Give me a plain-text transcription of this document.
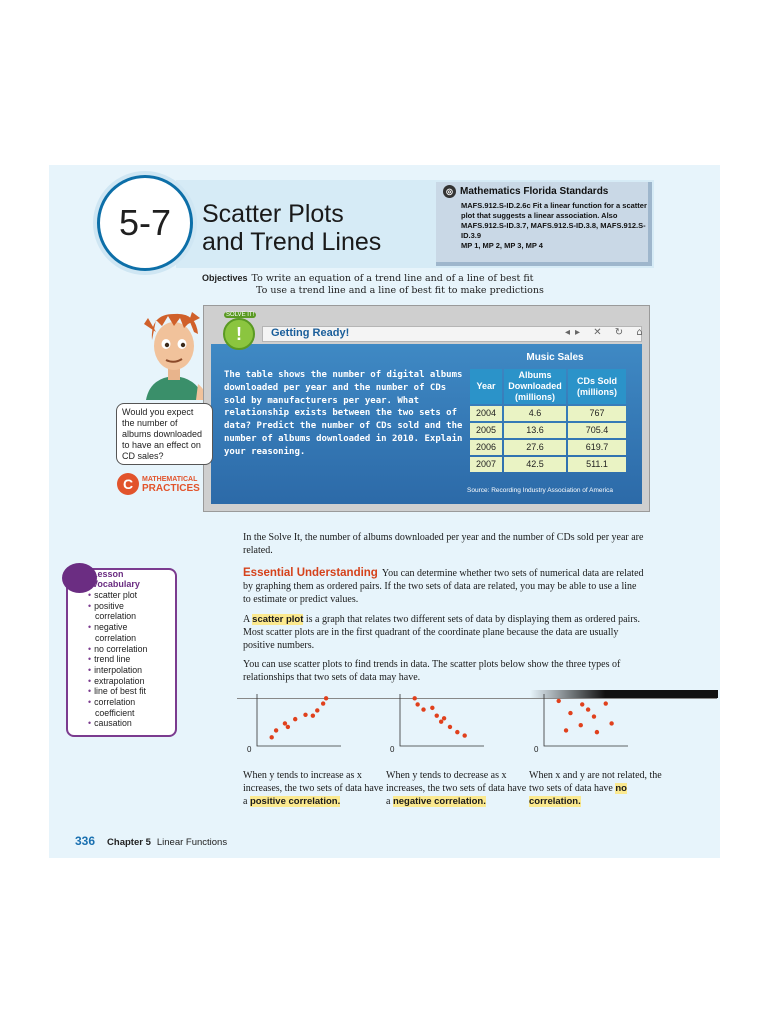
5-7 Scatter Plots
and Trend Lines
◎ Mathematics Florida Standards
MAFS.912.S-ID.2.6c Fit a linear function for a scatter plot that suggests a linear association. Also MAFS.912.S-ID.3.7, MAFS.912.S-ID.3.8, MAFS.912.S-ID.3.9
MP 1, MP 2, MP 3, MP 4
Objectives To write an equation of a trend line and of a line of best fit
To use a trend line and a line of best fit to make predictions
Getting Ready!	◂▸ ✕ ↻ ⌂
!
SOLVE IT!
The table shows the number of digital albums downloaded per year and the number of CDs sold by manufacturers per year. What relationship exists between the two sets of data? Predict the number of CDs sold and the number of albums downloaded in 2010. Explain your reasoning.
Music Sales
Year	Albums Downloaded (millions)	CDs Sold (millions)
2004	4.6	767
2005	13.6	705.4
2006	27.6	619.7
2007	42.5	511.1
Source: Recording Industry Association of America
Would you expect the number of albums downloaded to have an effect on CD sales?
C	MATHEMATICAL
PRACTICES
In the Solve It, the number of albums downloaded per year and the number of CDs sold per year are related.
Essential Understanding You can determine whether two sets of numerical data are related by graphing them as ordered pairs. If the two sets of data are related, you may be able to use a line to estimate or predict values.
A scatter plot is a graph that relates two different sets of data by displaying them as ordered pairs. Most scatter plots are in the first quadrant of the coordinate plane because the data are usually positive numbers.
You can use scatter plots to find trends in data. The scatter plots below show the three types of relationships that two sets of data may have.
Lesson
Vocabulary
• scatter plot
• positive
correlation
• negative
correlation
• no correlation
• trend line
• interpolation
• extrapolation
• line of best fit
• correlation
coefficient
• causation
0	0	0
When y tends to increase as x increases, the two sets of data have a positive correlation.
When y tends to decrease as x increases, the two sets of data have a negative correlation.
When x and y are not related, the two sets of data have no correlation.
336 Chapter 5 Linear Functions
